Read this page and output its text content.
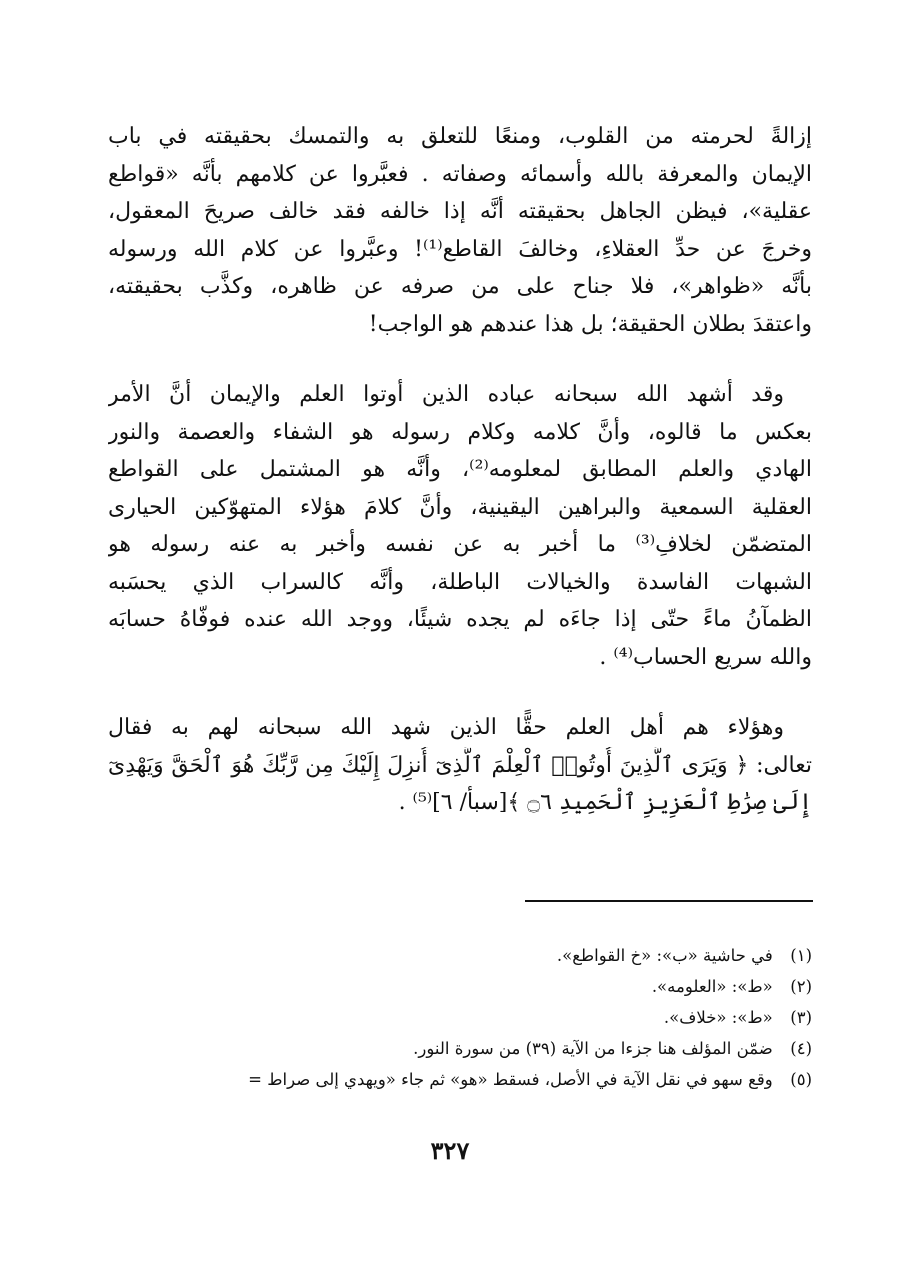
إزالةً لحرمته من القلوب، ومنعًا للتعلق به والتمسك بحقيقته في باب
الإيمان والمعرفة بالله وأسمائه وصفاته . فعبَّروا عن كلامهم بأنَّه «قواطع
عقلية»، فيظن الجاهل بحقيقته أنَّه إذا خالفه فقد خالف صريحَ المعقول،
وخرجَ عن حدِّ العقلاءِ، وخالفَ القاطع⁽¹⁾! وعبَّروا عن كلام الله ورسوله
بأنَّه «ظواهر»، فلا جناح على من صرفه عن ظاهره، وكذَّب بحقيقته،
واعتقدَ بطلان الحقيقة؛ بل هذا عندهم هو الواجب!

وقد أشهد الله سبحانه عباده الذين أوتوا العلم والإيمان أنَّ الأمر
بعكس ما قالوه، وأنَّ كلامه وكلام رسوله هو الشفاء والعصمة والنور
الهادي والعلم المطابق لمعلومه⁽²⁾، وأنَّه هو المشتمل على القواطع
العقلية السمعية والبراهين اليقينية، وأنَّ كلامَ هؤلاء المتهوّكين الحيارى
المتضمّن لخلافِ⁽³⁾ ما أخبر به عن نفسه وأخبر به عنه رسوله هو
الشبهات الفاسدة والخيالات الباطلة، وأنَّه كالسراب الذي يحسَبه
الظمآنُ ماءً حتّى إذا جاءَه لم يجده شيئًا، ووجد الله عنده فوفّاهُ حسابَه
والله سريع الحساب⁽⁴⁾ .

وهؤلاء هم أهل العلم حقًّا الذين شهد الله سبحانه لهم به فقال
تعالى: ﴿ وَيَرَى ٱلَّذِينَ أُوتُوا۟ ٱلْعِلْمَ ٱلَّذِىٓ أُنزِلَ إِلَيْكَ مِن رَّبِّكَ هُوَ ٱلْحَقَّ وَيَهْدِىٓ
إِلَىٰ صِرَٰطِ ٱلْعَزِيزِ ٱلْحَمِيدِ ۝٦ ﴾[سبأ/ ٦]⁽⁵⁾ .

(١) في حاشية «ب»: «خ القواطع».
(٢) «ط»: «العلومه».
(٣) «ط»: «خلاف».
(٤) ضمّن المؤلف هنا جزءا من الآية (٣٩) من سورة النور.
(٥) وقع سهو في نقل الآية في الأصل، فسقط «هو» ثم جاء «ويهدي إلى صراط =
٣٢٧
